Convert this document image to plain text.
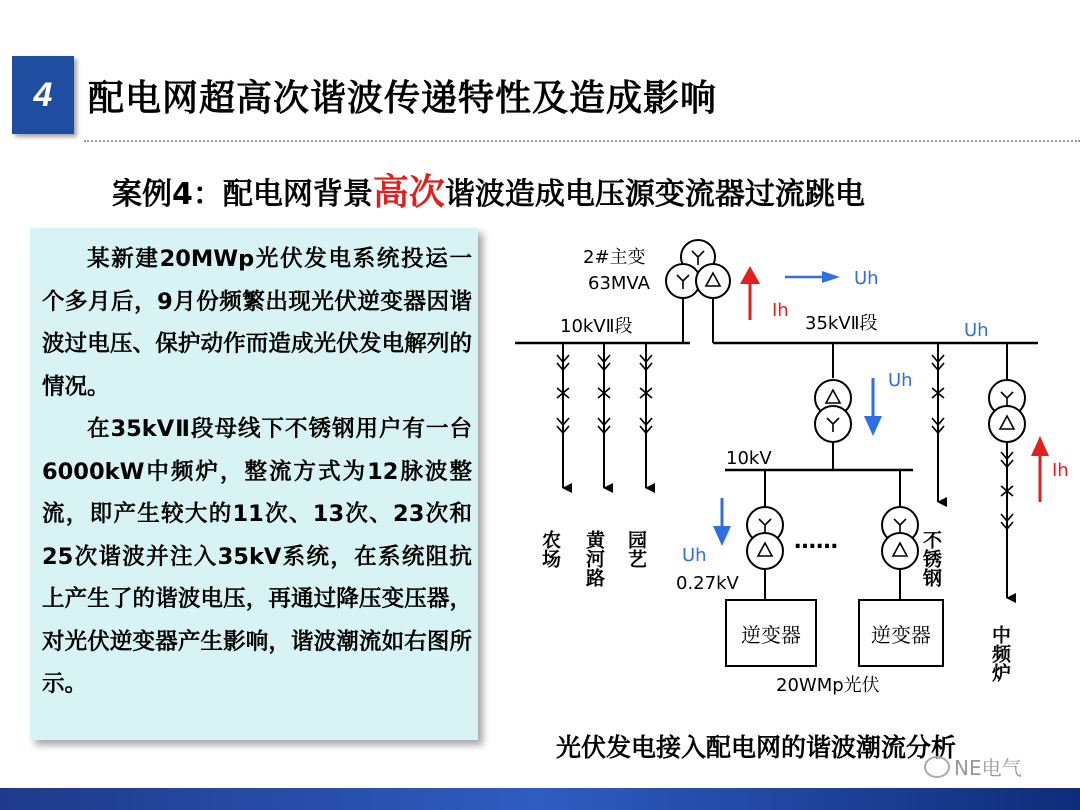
4 配电网超高次谐波传递特性及造成影响
案例4：配电网背景高次谐波造成电压源变流器过流跳电

某新建20MWp光伏发电系统投运一个多月后，9月份频繁出现光伏逆变器因谐波过电压、保护动作而造成光伏发电解列的情况。

在35kVⅡ段母线下不锈钢用户有一台6000kW中频炉，整流方式为12脉波整流，即产生较大的11次、13次、23次和25次谐波并注入35kV系统，在系统阻抗上产生了的谐波电压，再通过降压变压器，对光伏逆变器产生影响，谐波潮流如右图所示。

2#主变
63MVA
10kVⅡ段	35kVⅡ段	Uh
Ih
Uh
农场 黄河路 园艺
Uh
10kV
逆变器
Uh
0.27kV
……
逆变器
20WMp光伏
不锈钢
中频炉
Ih
光伏发电接入配电网的谐波潮流分析
NE电气
